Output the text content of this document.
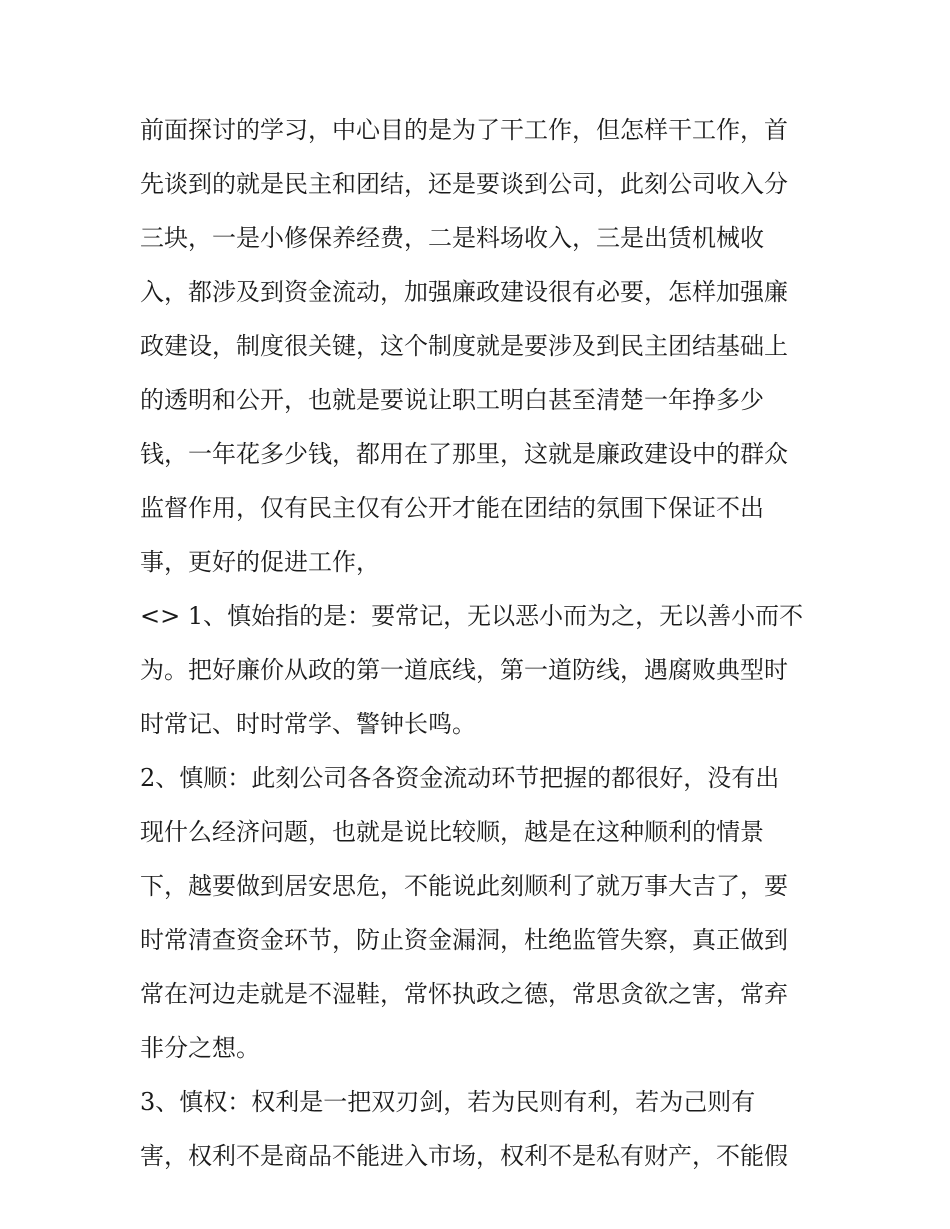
前面探讨的学习，中心目的是为了干工作，但怎样干工作，首
先谈到的就是民主和团结，还是要谈到公司，此刻公司收入分
三块，一是小修保养经费，二是料场收入，三是出赁机械收
入，都涉及到资金流动，加强廉政建设很有必要，怎样加强廉
政建设，制度很关键，这个制度就是要涉及到民主团结基础上
的透明和公开，也就是要说让职工明白甚至清楚一年挣多少
钱，一年花多少钱，都用在了那里，这就是廉政建设中的群众
监督作用，仅有民主仅有公开才能在团结的氛围下保证不出
事，更好的促进工作，
<> 1、慎始指的是：要常记，无以恶小而为之，无以善小而不
为。把好廉价从政的第一道底线，第一道防线，遇腐败典型时
时常记、时时常学、警钟长鸣。
2、慎顺：此刻公司各各资金流动环节把握的都很好，没有出
现什么经济问题，也就是说比较顺，越是在这种顺利的情景
下，越要做到居安思危，不能说此刻顺利了就万事大吉了，要
时常清查资金环节，防止资金漏洞，杜绝监管失察，真正做到
常在河边走就是不湿鞋，常怀执政之德，常思贪欲之害，常弃
非分之想。
3、慎权：权利是一把双刃剑，若为民则有利，若为己则有
害，权利不是商品不能进入市场，权利不是私有财产，不能假
